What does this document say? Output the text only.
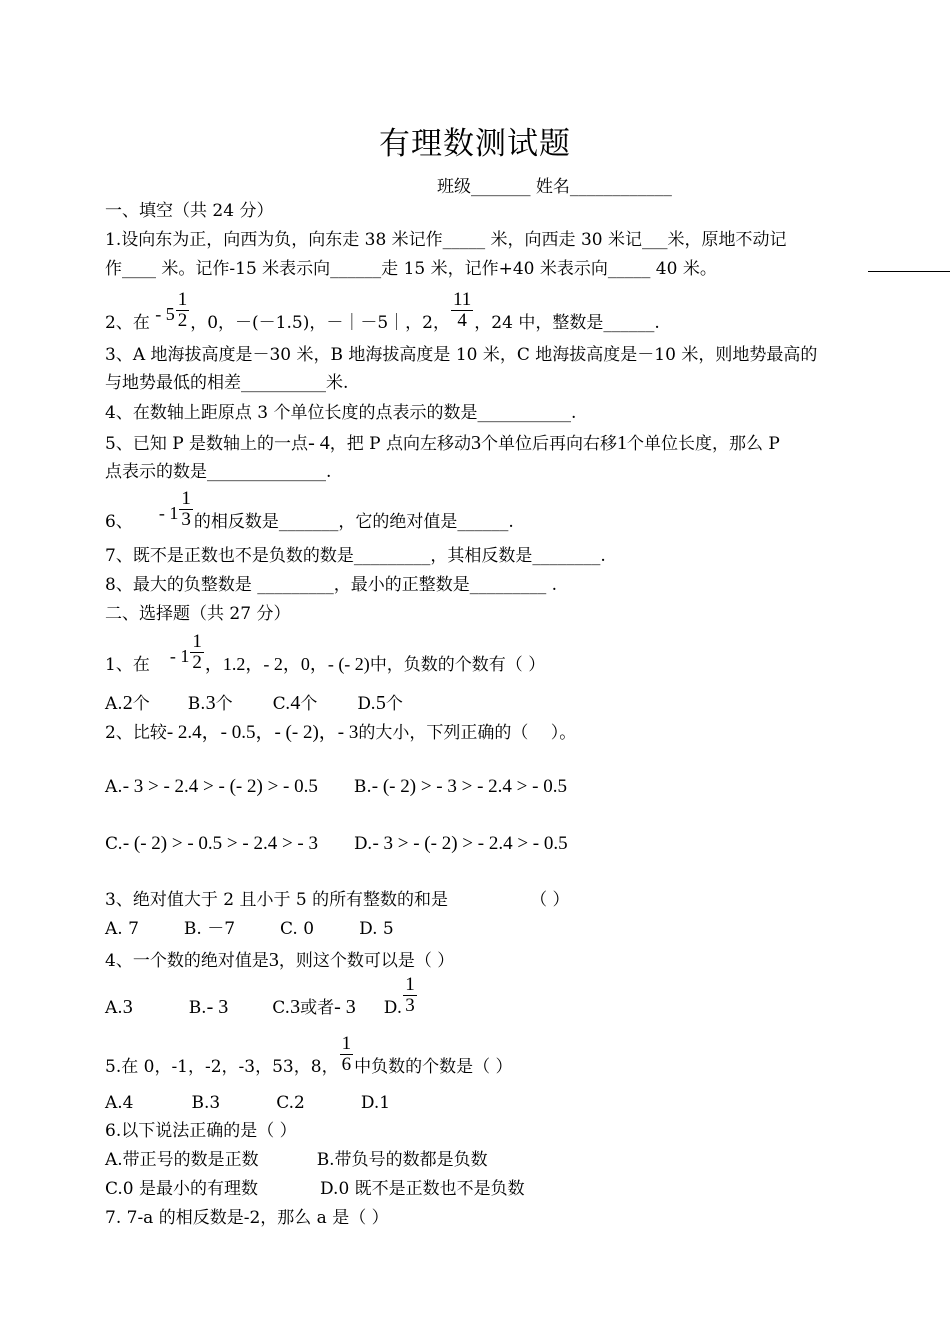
有理数测试题
班级_______ 姓名____________
一、填空（共 24 分）
1.设向东为正，向西为负，向东走 38 米记作_____ 米，向西走 30 米记___米，原地不动记
作____ 米。记作-15 米表示向______走 15 米，记作+40 米表示向_____ 40 米。
2、在 - $5 \frac{1}{2}$ ，0，－(－1.5)，－｜－5｜，2， $\frac{11}{4}$ ，24 中，整数是______.
3、A 地海拔高度是－30 米，B 地海拔高度是 10 米，C 地海拔高度是－10 米，则地势最高的
与地势最低的相差__________米.
4、在数轴上距原点 3 个单位长度的点表示的数是___________.
5、已知 P 是数轴上的一点- 4，把 P 点向左移动3个单位后再向右移1个单位长度，那么 P
点表示的数是______________.
6、 - $1 \frac{1}{3}$ 的相反数是_______，它的绝对值是______.
7、既不是正数也不是负数的数是_________，其相反数是________.
8、最大的负整数是 _________，最小的正整数是_________ .
二、选择题（共 27 分）
1、在 - $1 \frac{1}{2}$ ，1.2，- 2，0，- (- 2)中，负数的个数有（ ）
A.2个 B.3个 C.4个 D.5个
2、比较- 2.4，- 0.5，- (- 2)，- 3的大小，下列正确的（　 ）。
A.- 3 > - 2.4 > - (- 2) > - 0.5 B.- (- 2) > - 3 > - 2.4 > - 0.5
C.- (- 2) > - 0.5 > - 2.4 > - 3 D.- 3 > - (- 2) > - 2.4 > - 0.5
3、绝对值大于 2 且小于 5 的所有整数的和是	（ ）
A. 7	B. －7	C. 0	D. 5
4、一个数的绝对值是3，则这个数可以是（ ）
A.3	B.- 3	C.3或者- 3 D. $\frac{1}{3}$
5.在 0，-1，-2，-3，53，8， $\frac{1}{6}$ 中负数的个数是（ ）
A.4	B.3	C.2	D.1
6.以下说法正确的是（ ）
A.带正号的数是正数	B.带负号的数都是负数
C.0 是最小的有理数	D.0 既不是正数也不是负数
7. 7-a 的相反数是-2，那么 a 是（ ）
